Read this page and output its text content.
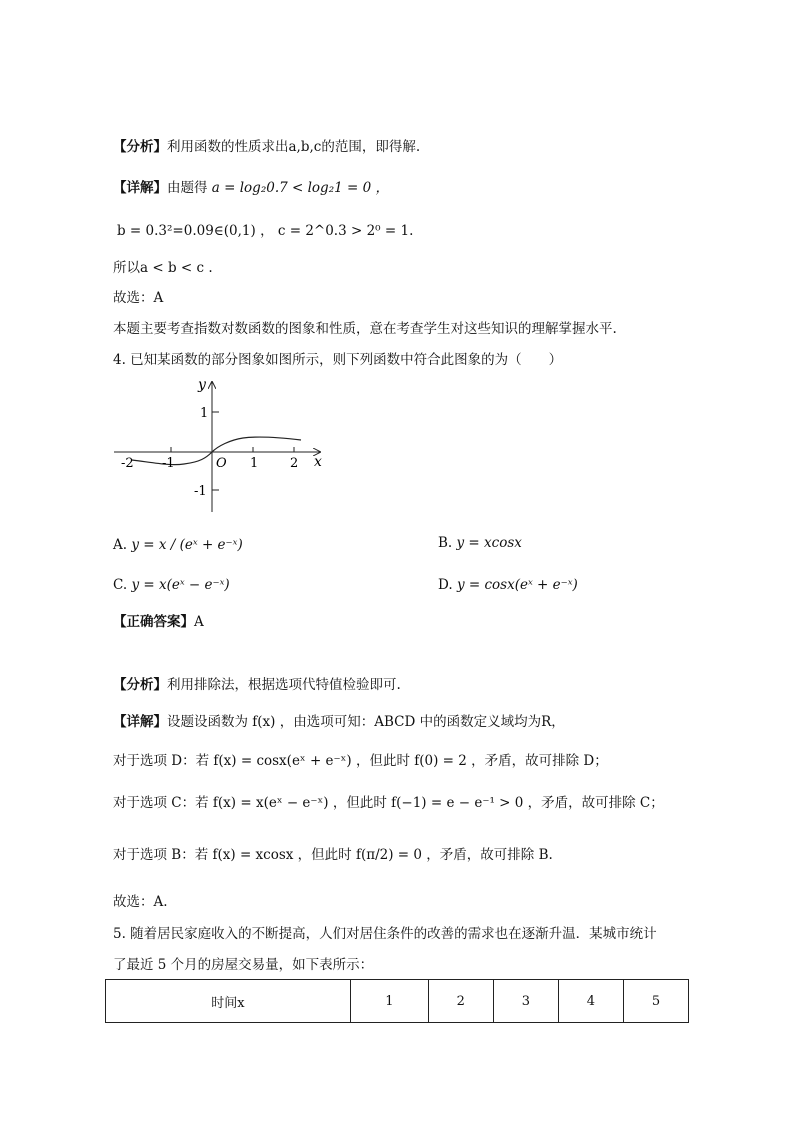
【分析】利用函数的性质求出a,b,c的范围，即得解.
【详解】由题得 a = log₂0.7 < log₂1 = 0 ，
b = 0.3²=0.09∈(0,1) ， c = 2^0.3 > 2⁰ = 1.
所以a < b < c .
故选：A
本题主要考查指数对数函数的图象和性质，意在考查学生对这些知识的理解掌握水平.
4. 已知某函数的部分图象如图所示，则下列函数中符合此图象的为（　　）
y
x
O
-2 -1	1 2
1
-1
A. y = x / (eˣ + e⁻ˣ)	B. y = xcosx
C. y = x(eˣ − e⁻ˣ)	D. y = cosx(eˣ + e⁻ˣ)
【正确答案】A
【分析】利用排除法，根据选项代特值检验即可.
【详解】设题设函数为 f(x) ，由选项可知：ABCD 中的函数定义域均为R，
对于选项 D：若 f(x) = cosx(eˣ + e⁻ˣ) ，但此时 f(0) = 2 ，矛盾，故可排除 D；
对于选项 C：若 f(x) = x(eˣ − e⁻ˣ) ，但此时 f(−1) = e − e⁻¹ > 0 ，矛盾，故可排除 C；
对于选项 B：若 f(x) = xcosx ，但此时 f(π/2) = 0 ，矛盾，故可排除 B.
故选：A.
5. 随着居民家庭收入的不断提高，人们对居住条件的改善的需求也在逐渐升温．某城市统计
了最近 5 个月的房屋交易量，如下表所示：
时间x	1	2	3	4	5
